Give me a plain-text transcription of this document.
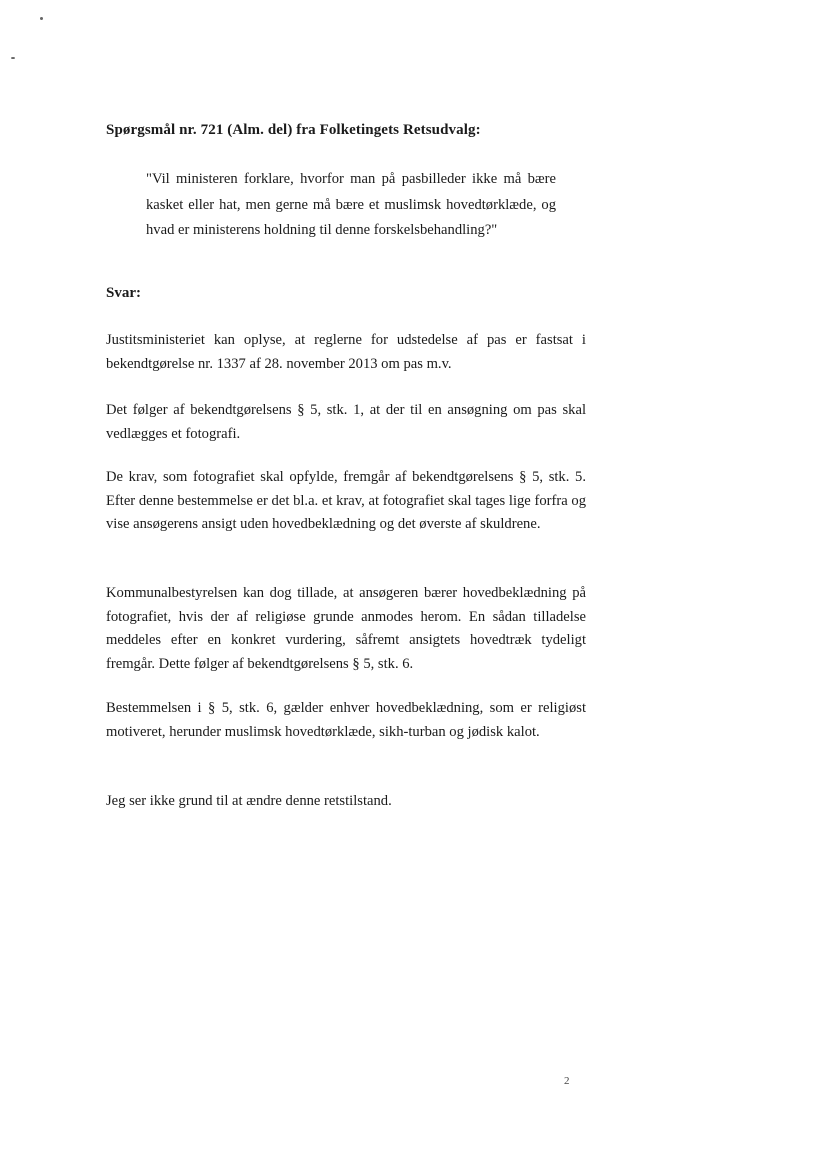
Spørgsmål nr. 721 (Alm. del) fra Folketingets Retsudvalg:
"Vil ministeren forklare, hvorfor man på pasbilleder ikke må bære kasket eller hat, men gerne må bære et muslimsk hovedtørklæde, og hvad er ministerens holdning til denne forskelsbehandling?"
Svar:
Justitsministeriet kan oplyse, at reglerne for udstedelse af pas er fastsat i bekendtgørelse nr. 1337 af 28. november 2013 om pas m.v.
Det følger af bekendtgørelsens § 5, stk. 1, at der til en ansøgning om pas skal vedlægges et fotografi.
De krav, som fotografiet skal opfylde, fremgår af bekendtgørelsens § 5, stk. 5. Efter denne bestemmelse er det bl.a. et krav, at fotografiet skal tages lige forfra og vise ansøgerens ansigt uden hovedbeklædning og det øverste af skuldrene.
Kommunalbestyrelsen kan dog tillade, at ansøgeren bærer hovedbeklædning på fotografiet, hvis der af religiøse grunde anmodes herom. En sådan tilladelse meddeles efter en konkret vurdering, såfremt ansigtets hovedtræk tydeligt fremgår. Dette følger af bekendtgørelsens § 5, stk. 6.
Bestemmelsen i § 5, stk. 6, gælder enhver hovedbeklædning, som er religiøst motiveret, herunder muslimsk hovedtørklæde, sikh-turban og jødisk kalot.
Jeg ser ikke grund til at ændre denne retstilstand.
2
